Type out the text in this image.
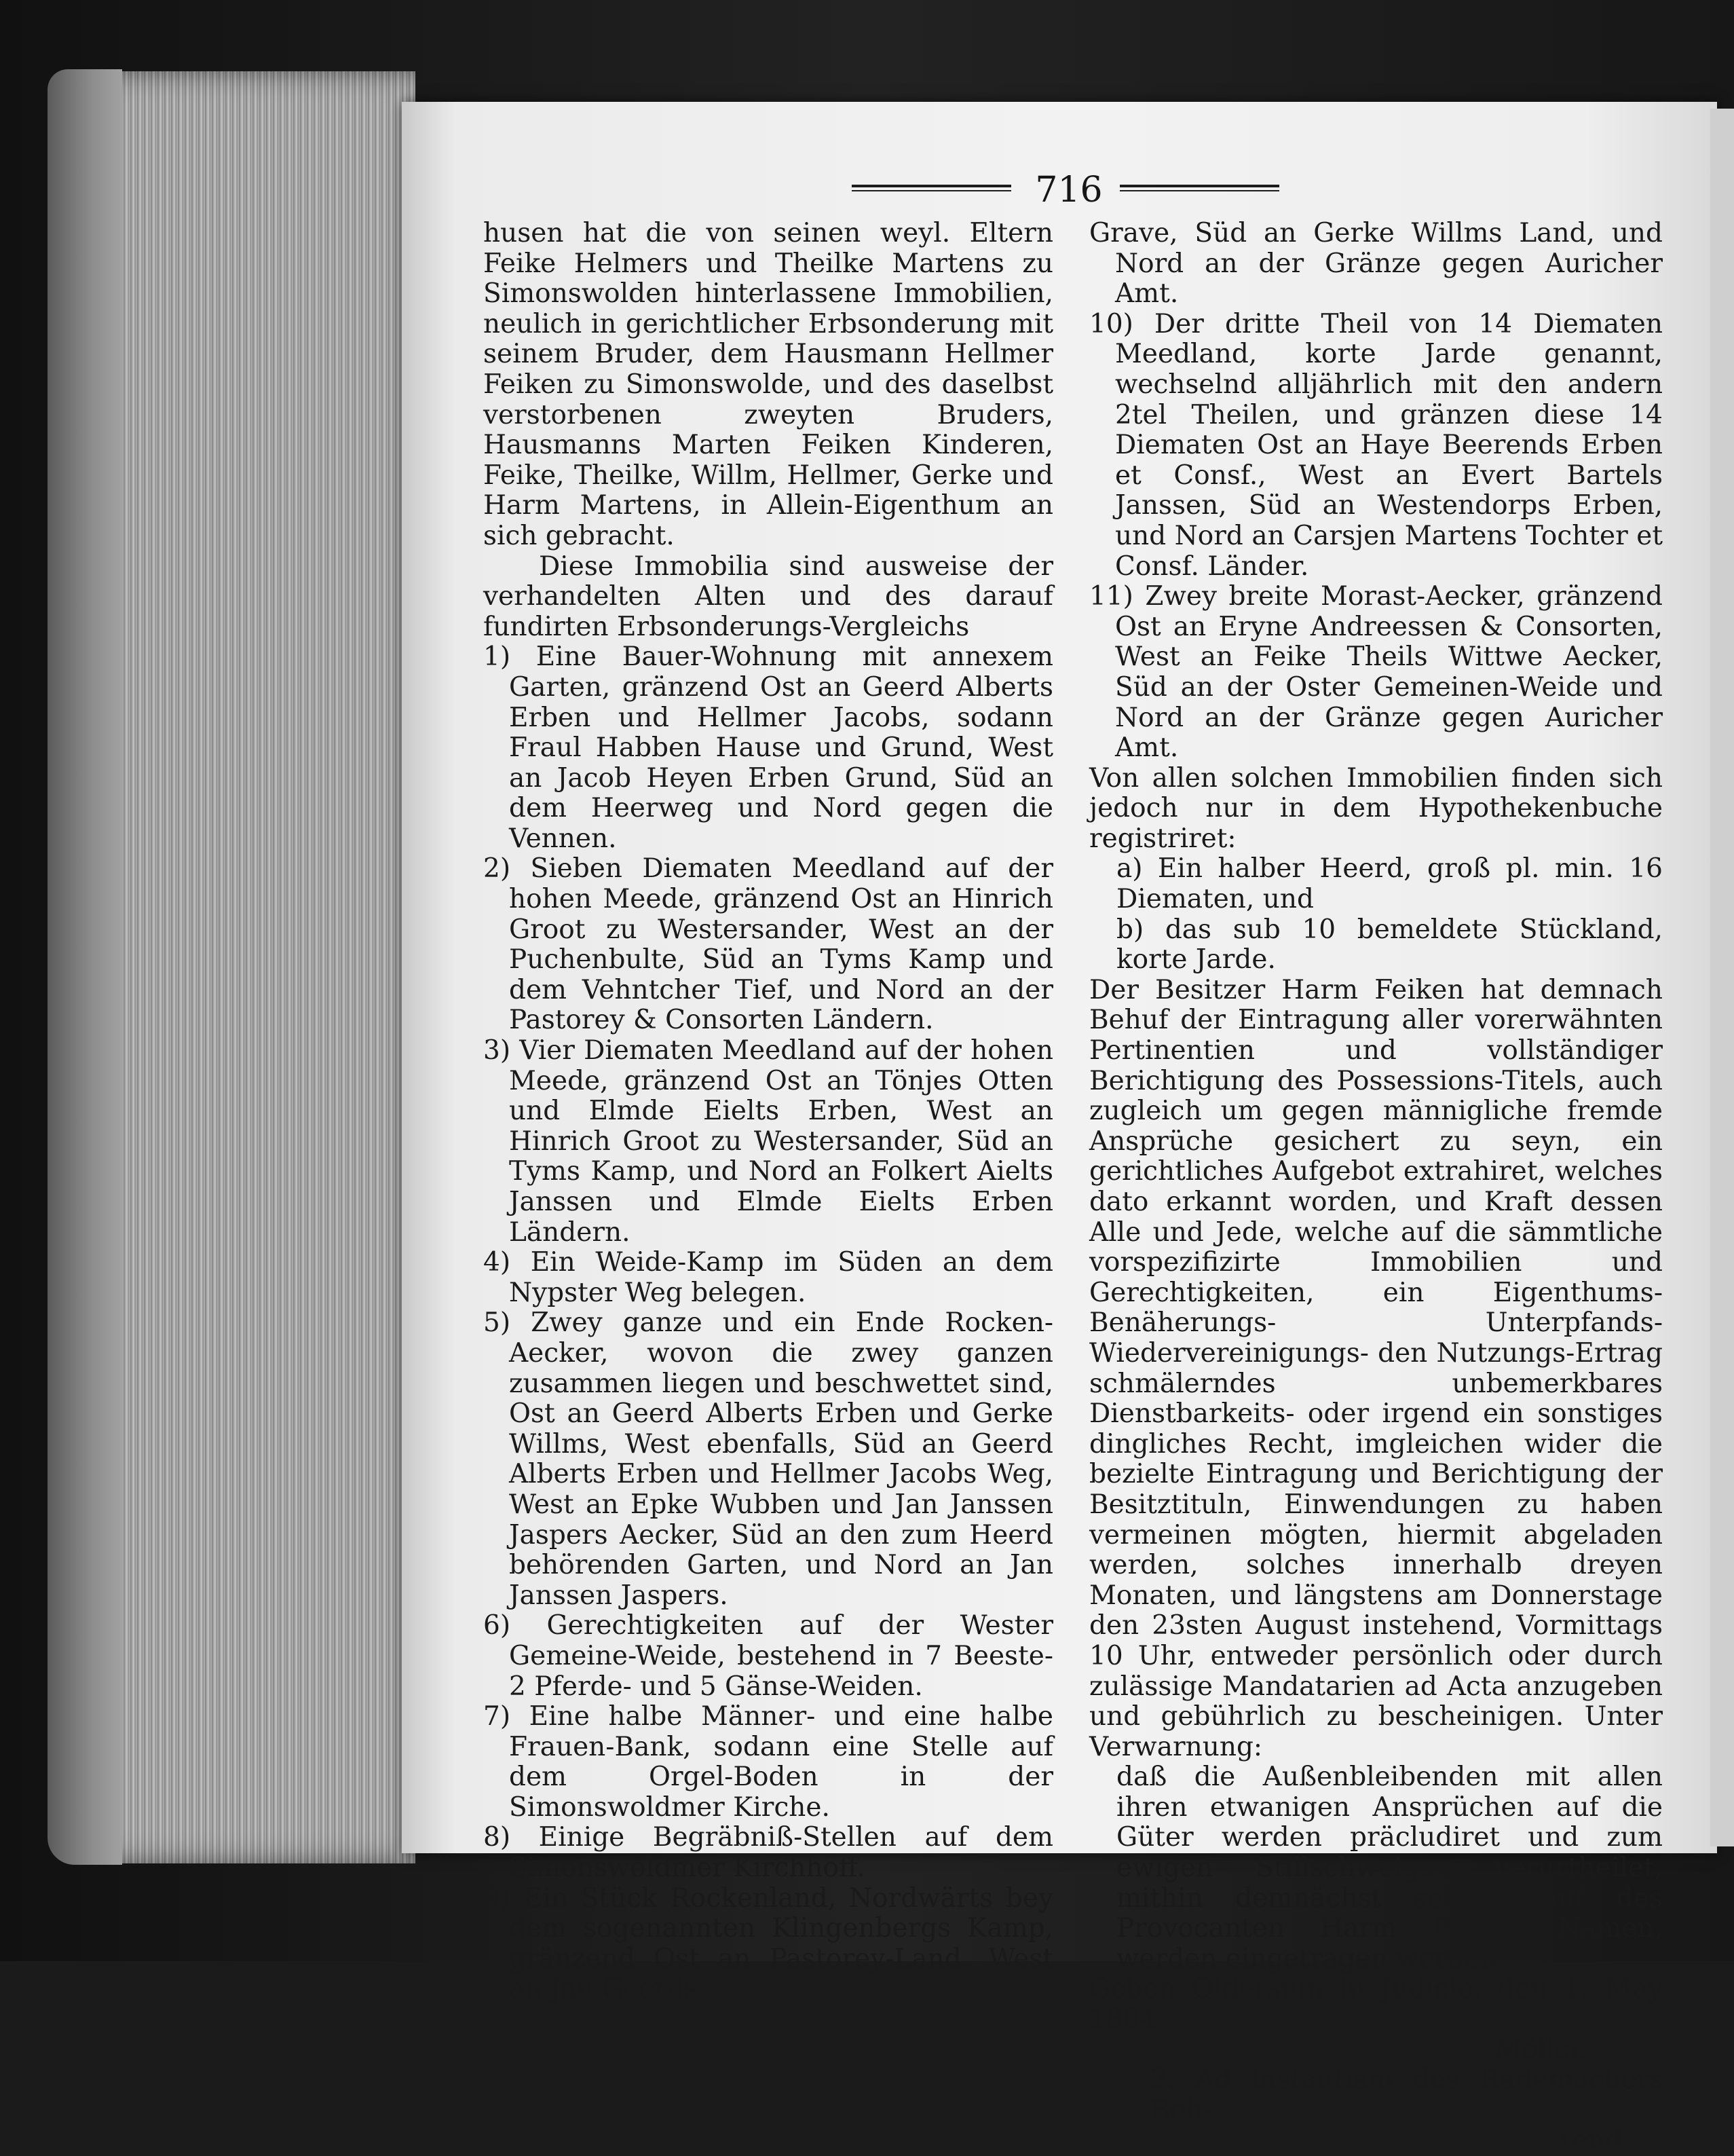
716

husen hat die von seinen weyl. Eltern Feike Helmers und Theilke Martens zu Simonswolden hinterlassene Immobilien, neulich in gerichtlicher Erbsonderung mit seinem Bruder, dem Hausmann Hellmer Feiken zu Simonswolde, und des daselbst verstorbenen zweyten Bruders, Hausmanns Marten Feiken Kinderen, Feike, Theilke, Willm, Hellmer, Gerke und Harm Martens, in Allein-Eigenthum an sich gebracht.

Diese Immobilia sind ausweise der verhandelten Alten und des darauf fundirten Erbsonderungs-Vergleichs

1) Eine Bauer-Wohnung mit annexem Garten, gränzend Ost an Geerd Alberts Erben und Hellmer Jacobs, sodann Fraul Habben Hause und Grund, West an Jacob Heyen Erben Grund, Süd an dem Heerweg und Nord gegen die Vennen.

2) Sieben Diematen Meedland auf der hohen Meede, gränzend Ost an Hinrich Groot zu Westersander, West an der Puchenbulte, Süd an Tyms Kamp und dem Vehntcher Tief, und Nord an der Pastorey & Consorten Ländern.

3) Vier Diematen Meedland auf der hohen Meede, gränzend Ost an Tönjes Otten und Elmde Eielts Erben, West an Hinrich Groot zu Westersander, Süd an Tyms Kamp, und Nord an Folkert Aielts Janssen und Elmde Eielts Erben Ländern.

4) Ein Weide-Kamp im Süden an dem Nypster Weg belegen.

5) Zwey ganze und ein Ende Rocken-Aecker, wovon die zwey ganzen zusammen liegen und beschwettet sind, Ost an Geerd Alberts Erben und Gerke Willms, West ebenfalls, Süd an Geerd Alberts Erben und Hellmer Jacobs Weg, West an Epke Wubben und Jan Janssen Jaspers Aecker, Süd an den zum Heerd behörenden Garten, und Nord an Jan Janssen Jaspers.

6) Gerechtigkeiten auf der Wester Gemeine-Weide, bestehend in 7 Beeste- 2 Pferde- und 5 Gänse-Weiden.

7) Eine halbe Männer- und eine halbe Frauen-Bank, sodann eine Stelle auf dem Orgel-Boden in der Simonswoldmer Kirche.

8) Einige Begräbniß-Stellen auf dem Simonswoldmer Kirchhoff.

9) Ein Stück Rockenland, Nordwärts bey dem sogenannten Klingenbergs Kamp, gränzend Ost an Pastorey-Land, West an Jan Geerds

Grave, Süd an Gerke Willms Land, und Nord an der Gränze gegen Auricher Amt.

10) Der dritte Theil von 14 Diematen Meedland, korte Jarde genannt, wechselnd alljährlich mit den andern 2tel Theilen, und gränzen diese 14 Diematen Ost an Haye Beerends Erben et Consf., West an Evert Bartels Janssen, Süd an Westendorps Erben, und Nord an Carsjen Martens Tochter et Consf. Länder.

11) Zwey breite Morast-Aecker, gränzend Ost an Eryne Andreessen & Consorten, West an Feike Theils Wittwe Aecker, Süd an der Oster Gemeinen-Weide und Nord an der Gränze gegen Auricher Amt.

Von allen solchen Immobilien finden sich jedoch nur in dem Hypothekenbuche registriret:

a) Ein halber Heerd, groß pl. min. 16 Diematen, und

b) das sub 10 bemeldete Stückland, korte Jarde.

Der Besitzer Harm Feiken hat demnach Behuf der Eintragung aller vorerwähnten Pertinentien und vollständiger Berichtigung des Possessions-Titels, auch zugleich um gegen männigliche fremde Ansprüche gesichert zu seyn, ein gerichtliches Aufgebot extrahiret, welches dato erkannt worden, und Kraft dessen Alle und Jede, welche auf die sämmtliche vorspezifizirte Immobilien und Gerechtigkeiten, ein Eigenthums- Benäherungs- Unterpfands- Wiedervereinigungs- den Nutzungs-Ertrag schmälerndes unbemerkbares Dienstbarkeits- oder irgend ein sonstiges dingliches Recht, imgleichen wider die bezielte Eintragung und Berichtigung der Besitztituln, Einwendungen zu haben vermeinen mögten, hiermit abgeladen werden, solches innerhalb dreyen Monaten, und längstens am Donnerstage den 23sten August instehend, Vormittags 10 Uhr, entweder persönlich oder durch zulässige Mandatarien ad Acta anzugeben und gebührlich zu bescheinigen. Unter Verwarnung:

daß die Außenbleibenden mit allen ihren etwanigen Ansprüchen auf die Güter werden präcludiret und zum ewigen Stillschweigen verurtheilet, mithin demnächst selbige auf des Provocanten Harm Feiken Namen, werden eingetragen werden.

Geben Oldersum in Judicio, den 1. May 1804.

Möller.

2. Ad instantiam des Rademachers Beh-

rend
